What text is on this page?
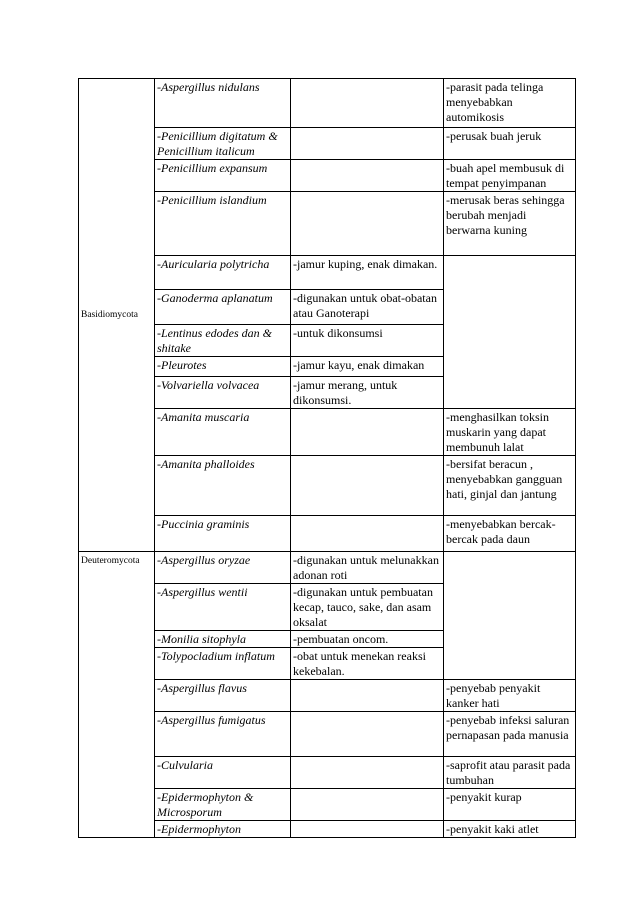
Basidiomycota	-Aspergillus nidulans		-parasit pada telinga menyebabkan automikosis
	-Penicillium digitatum & Penicillium italicum		-perusak buah jeruk
	-Penicillium expansum		-buah apel membusuk di tempat penyimpanan
	-Penicillium islandium		-merusak beras sehingga berubah menjadi berwarna kuning
	-Auricularia polytricha	-jamur kuping, enak dimakan.	
	-Ganoderma aplanatum	-digunakan untuk obat-obatan atau Ganoterapi	
	-Lentinus edodes dan & shitake	-untuk dikonsumsi	
	-Pleurotes	-jamur kayu, enak dimakan	
	-Volvariella volvacea	-jamur merang, untuk dikonsumsi.	
	-Amanita muscaria		-menghasilkan toksin muskarin yang dapat membunuh lalat
	-Amanita phalloides		-bersifat beracun , menyebabkan gangguan hati, ginjal dan jantung
	-Puccinia graminis		-menyebabkan bercak-bercak pada daun
Deuteromycota	-Aspergillus oryzae	-digunakan untuk melunakkan adonan roti	
	-Aspergillus wentii	-digunakan untuk pembuatan kecap, tauco, sake, dan asam oksalat	
	-Monilia sitophyla	-pembuatan oncom.	
	-Tolypocladium inflatum	-obat untuk menekan reaksi kekebalan.	
	-Aspergillus flavus		-penyebab penyakit kanker hati
	-Aspergillus fumigatus		-penyebab infeksi saluran pernapasan pada manusia
	-Culvularia		-saprofit atau parasit pada tumbuhan
	-Epidermophyton & Microsporum		-penyakit kurap
	-Epidermophyton		-penyakit kaki atlet
